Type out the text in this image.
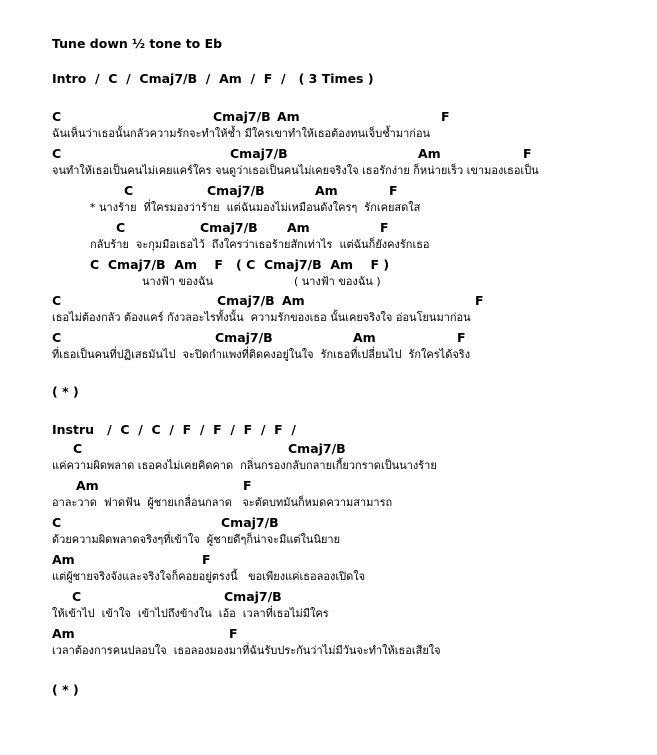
Tune down ½ tone to Eb
Intro  /  C  /  Cmaj7/B  /  Am  /  F  /   ( 3 Times )
C	Cmaj7/B Am	F
ฉันเห็นว่าเธอนั้นกลัวความรักจะทำให้ช้ำ มีใครเขาทำให้เธอต้องทนเจ็บช้ำมาก่อน
C	Cmaj7/B	Am	F
จนทำให้เธอเป็นคนไม่เคยแคร์ใคร จนดูว่าเธอเป็นคนไม่เคยจริงใจ เธอรักง่าย ก็หน่ายเร็ว เขามองเธอเป็น
C	Cmaj7/B	Am	F
* นางร้าย  ที่ใครมองว่าร้าย  แต่ฉันมองไม่เหมือนดังใครๆ  รักเคยสดใส
C	Cmaj7/B Am	F
กลับร้าย  จะกุมมือเธอไว้  ถึงใครว่าเธอร้ายสักเท่าไร  แต่ฉันก็ยังคงรักเธอ
C  Cmaj7/B  Am    F ( C  Cmaj7/B  Am    F )
นางฟ้า ของฉัน	( นางฟ้า ของฉัน )
C	Cmaj7/B Am	F
เธอไม่ต้องกลัว ต้องแคร์ กังวลอะไรทั้งนั้น  ความรักของเธอ นั้นเคยจริงใจ อ่อนโยนมาก่อน
C	Cmaj7/B	Am	F
ที่เธอเป็นคนที่ปฏิเสธมันไป  จะปิดกำแพงที่ติดคงอยู่ในใจ  รักเธอที่เปลี่ยนไป  รักใครได้จริง
( * )
Instru   /  C  /  C  /  F  /  F  /  F  /  F  /
C	Cmaj7/B
แค่ความผิดพลาด เธอคงไม่เคยคิดคาด  กลิ่นกรองกลับกลายเกี้ยวกราดเป็นนางร้าย
Am	F
อาละวาด  ฟาดฟัน  ผู้ชายเกลื่อนกลาด   จะตัดบทมันก็หมดความสามารถ
C	Cmaj7/B
ด้วยความผิดพลาดจริงๆที่เข้าใจ  ผู้ชายดีๆก็น่าจะมีแต่ในนิยาย
Am	F
แต่ผู้ชายจริงจังและจริงใจก็คอยอยู่ตรงนี้   ขอเพียงแค่เธอลองเปิดใจ
C	Cmaj7/B
ให้เข้าไป  เข้าใจ  เข้าไปถึงข้างใน  เอ้อ  เวลาที่เธอไม่มีใคร
Am	F
เวลาต้องการคนปลอบใจ  เธอลองมองมาที่ฉันรับประกันว่าไม่มีวันจะทำให้เธอเสียใจ
( * )
